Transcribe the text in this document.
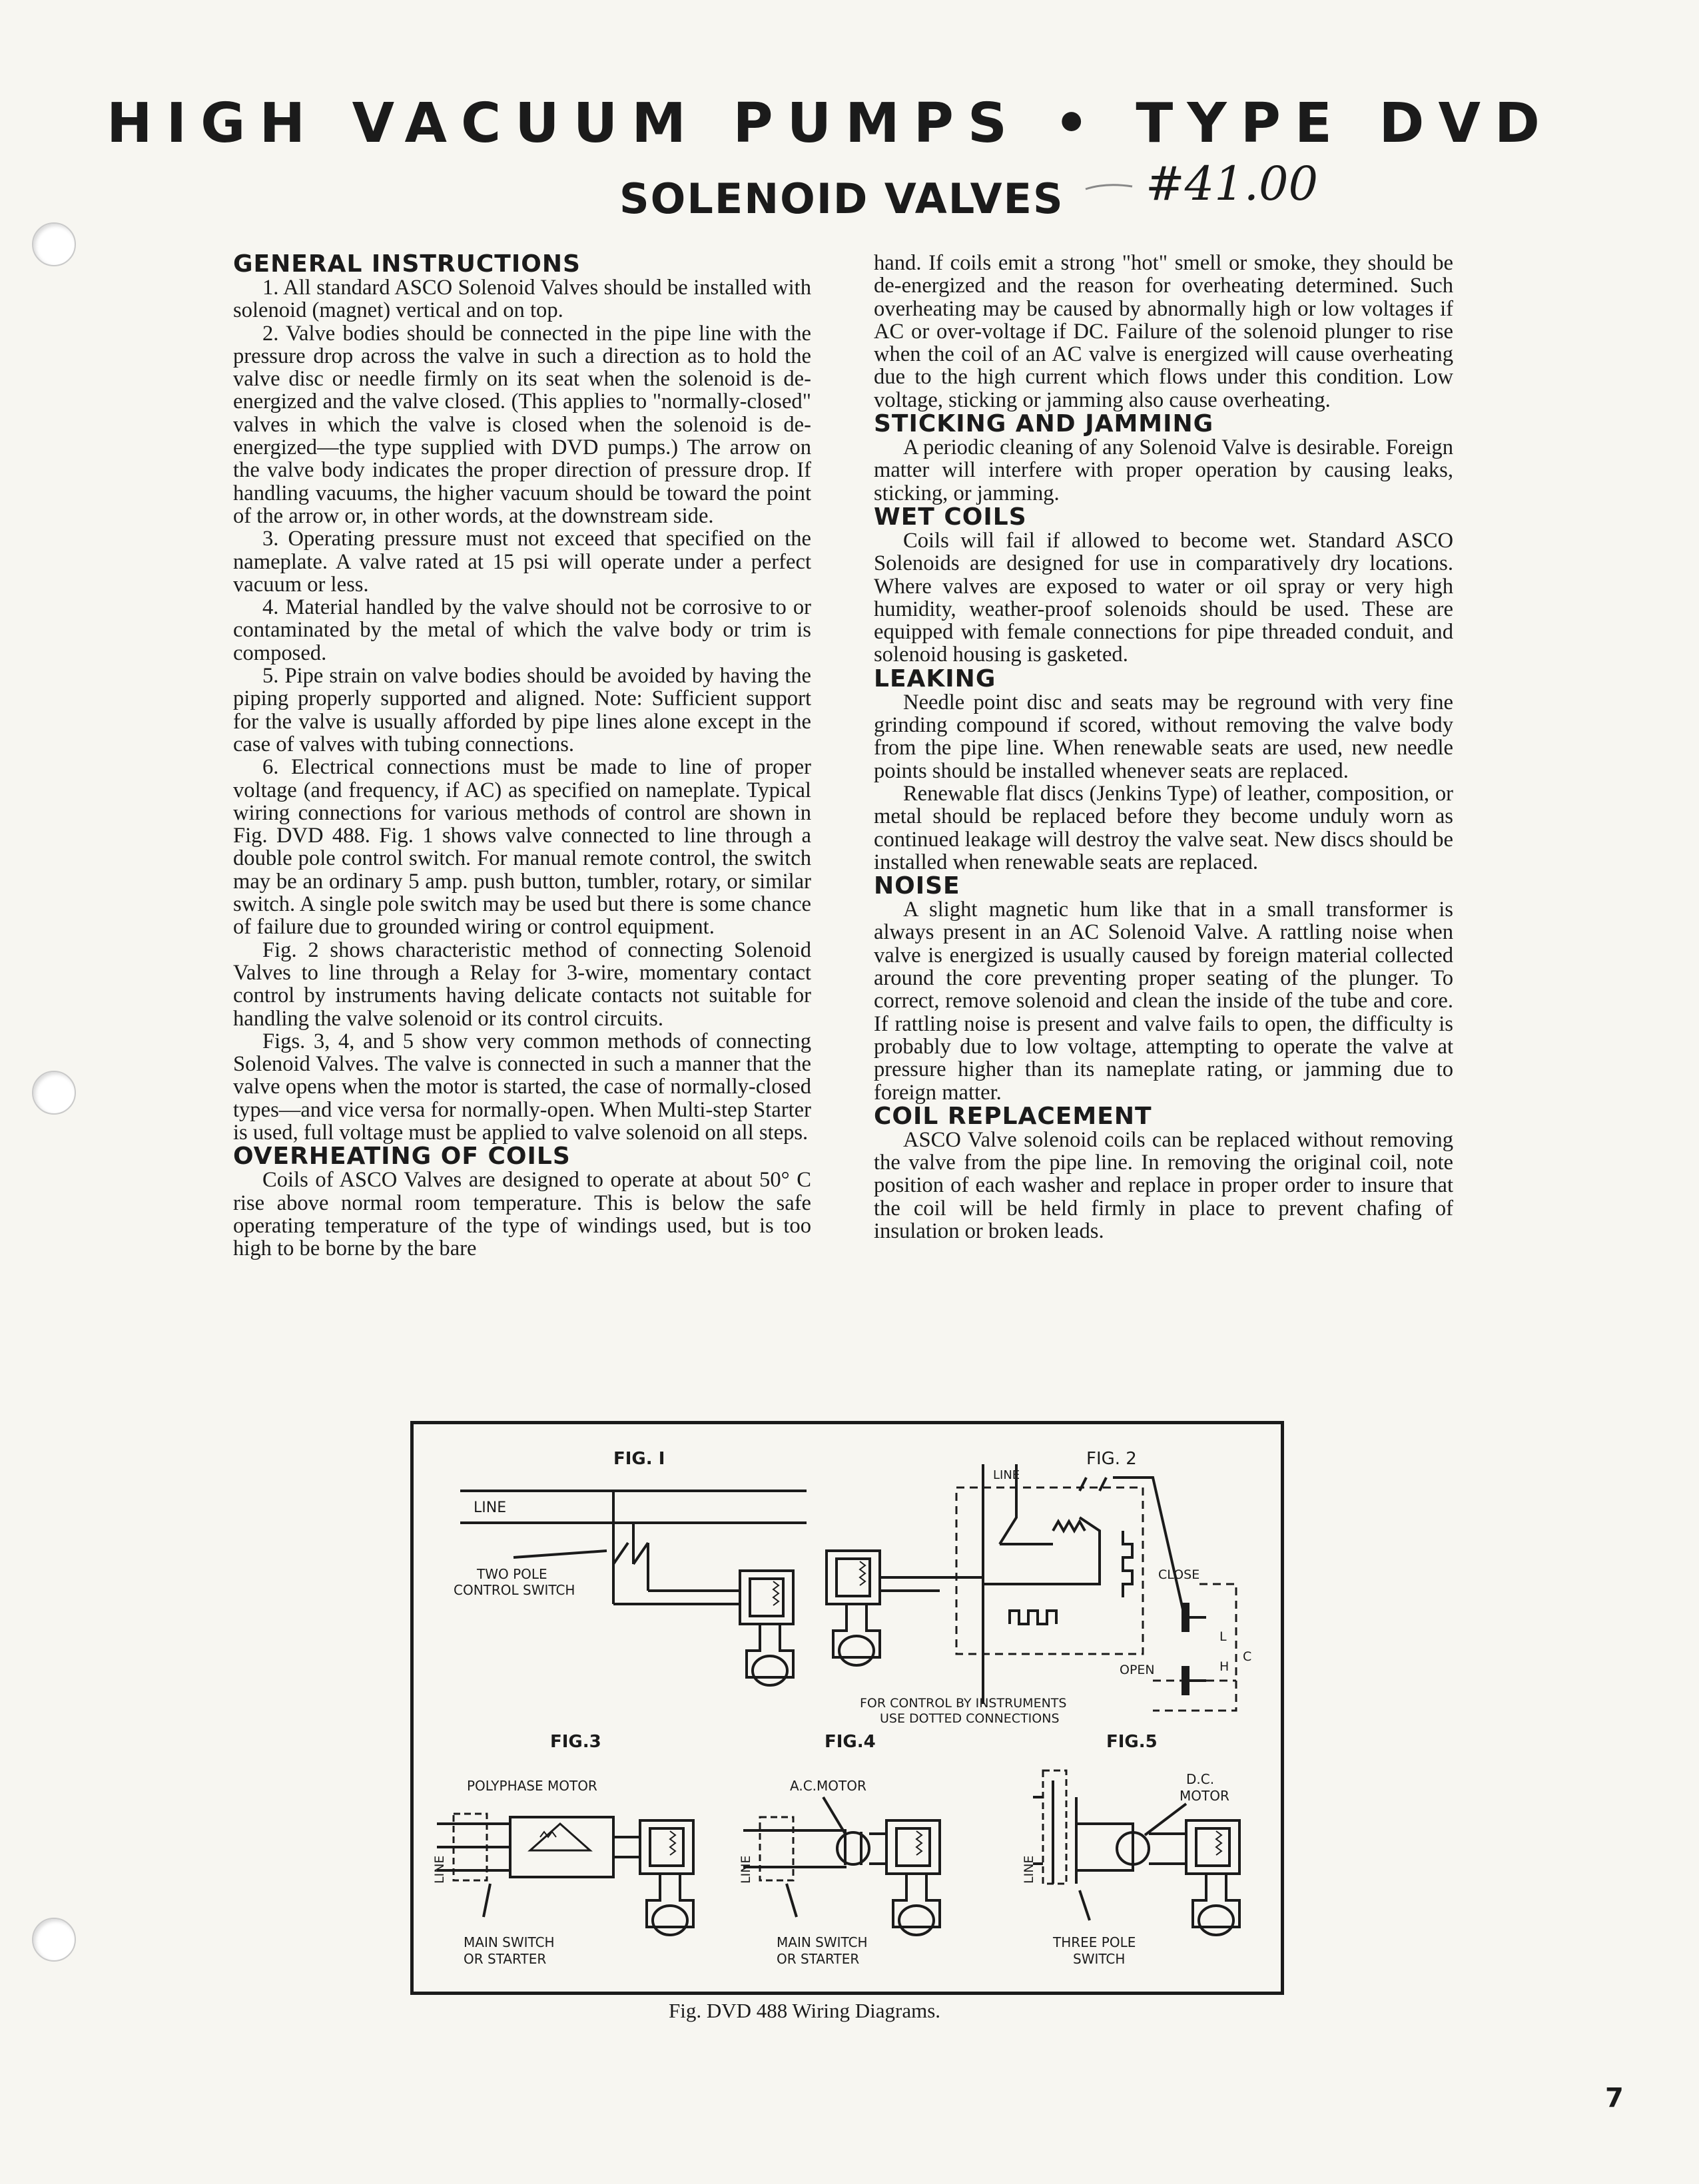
HIGH VACUUM PUMPS • TYPE DVD
SOLENOID VALVES #41.00
GENERAL INSTRUCTIONS

1. All standard ASCO Solenoid Valves should be installed with solenoid (magnet) vertical and on top.

2. Valve bodies should be connected in the pipe line with the pressure drop across the valve in such a direction as to hold the valve disc or needle firmly on its seat when the solenoid is de-energized and the valve closed. (This applies to "normally-closed" valves in which the valve is closed when the solenoid is de-energized—the type supplied with DVD pumps.) The arrow on the valve body indicates the proper direction of pressure drop. If handling vacuums, the higher vacuum should be toward the point of the arrow or, in other words, at the downstream side.

3. Operating pressure must not exceed that specified on the nameplate. A valve rated at 15 psi will operate under a perfect vacuum or less.

4. Material handled by the valve should not be corrosive to or contaminated by the metal of which the valve body or trim is composed.

5. Pipe strain on valve bodies should be avoided by having the piping properly supported and aligned. Note: Sufficient support for the valve is usually afforded by pipe lines alone except in the case of valves with tubing connections.

6. Electrical connections must be made to line of proper voltage (and frequency, if AC) as specified on nameplate. Typical wiring connections for various methods of control are shown in Fig. DVD 488. Fig. 1 shows valve connected to line through a double pole control switch. For manual remote control, the switch may be an ordinary 5 amp. push button, tumbler, rotary, or similar switch. A single pole switch may be used but there is some chance of failure due to grounded wiring or control equipment.

Fig. 2 shows characteristic method of connecting Solenoid Valves to line through a Relay for 3-wire, momentary contact control by instruments having delicate contacts not suitable for handling the valve solenoid or its control circuits.

Figs. 3, 4, and 5 show very common methods of connecting Solenoid Valves. The valve is connected in such a manner that the valve opens when the motor is started, the case of normally-closed types—and vice versa for normally-open. When Multi-step Starter is used, full voltage must be applied to valve solenoid on all steps.

OVERHEATING OF COILS

Coils of ASCO Valves are designed to operate at about 50° C rise above normal room temperature. This is below the safe operating temperature of the type of windings used, but is too high to be borne by the bare

hand. If coils emit a strong "hot" smell or smoke, they should be de-energized and the reason for overheating determined. Such overheating may be caused by abnormally high or low voltages if AC or over-voltage if DC. Failure of the solenoid plunger to rise when the coil of an AC valve is energized will cause overheating due to the high current which flows under this condition. Low voltage, sticking or jamming also cause overheating.

STICKING AND JAMMING

A periodic cleaning of any Solenoid Valve is desirable. Foreign matter will interfere with proper operation by causing leaks, sticking, or jamming.

WET COILS

Coils will fail if allowed to become wet. Standard ASCO Solenoids are designed for use in comparatively dry locations. Where valves are exposed to water or oil spray or very high humidity, weather-proof solenoids should be used. These are equipped with female connections for pipe threaded conduit, and solenoid housing is gasketed.

LEAKING

Needle point disc and seats may be reground with very fine grinding compound if scored, without removing the valve body from the pipe line. When renewable seats are used, new needle points should be installed whenever seats are replaced.

Renewable flat discs (Jenkins Type) of leather, composition, or metal should be replaced before they become unduly worn as continued leakage will destroy the valve seat. New discs should be installed when renewable seats are replaced.

NOISE

A slight magnetic hum like that in a small transformer is always present in an AC Solenoid Valve. A rattling noise when valve is energized is usually caused by foreign material collected around the core preventing proper seating of the plunger. To correct, remove solenoid and clean the inside of the tube and core. If rattling noise is present and valve fails to open, the difficulty is probably due to low voltage, attempting to operate the valve at pressure higher than its nameplate rating, or jamming due to foreign matter.

COIL REPLACEMENT

ASCO Valve solenoid coils can be replaced without removing the valve from the pipe line. In removing the original coil, note position of each washer and replace in proper order to insure that the coil will be held firmly in place to prevent chafing of insulation or broken leads.

FIG. I
LINE
TWO POLE
CONTROL SWITCH
FIG. 2
LINE
CLOSE
OPEN
L
H
C
FOR CONTROL BY INSTRUMENTS
USE DOTTED CONNECTIONS
FIG.3
POLYPHASE MOTOR
LINE
MAIN SWITCH
OR STARTER
FIG.4
A.C.MOTOR
LINE
MAIN SWITCH
OR STARTER
FIG.5
D.C.
MOTOR
LINE
THREE POLE
SWITCH
Fig. DVD 488 Wiring Diagrams.
7
